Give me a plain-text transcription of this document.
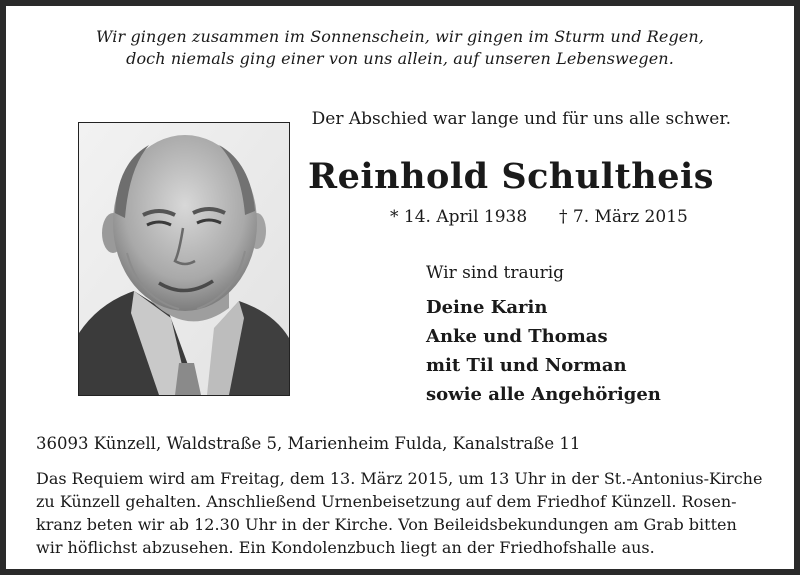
Wir gingen zusammen im Sonnenschein, wir gingen im Sturm und Regen,
doch niemals ging einer von uns allein, auf unseren Lebenswegen.
Der Abschied war lange und für uns alle schwer.
Reinhold Schultheis
* 14. April 1938 † 7. März 2015
Wir sind traurig
Deine Karin
Anke und Thomas
mit Til und Norman
sowie alle Angehörigen
36093 Künzell, Waldstraße 5, Marienheim Fulda, Kanalstraße 11
Das Requiem wird am Freitag, dem 13. März 2015, um 13 Uhr in der St.-Antonius-Kirche
zu Künzell gehalten. Anschließend Urnenbeisetzung auf dem Friedhof Künzell. Rosen-
kranz beten wir ab 12.30 Uhr in der Kirche. Von Beileidsbekundungen am Grab bitten
wir höflichst abzusehen. Ein Kondolenzbuch liegt an der Friedhofshalle aus.
